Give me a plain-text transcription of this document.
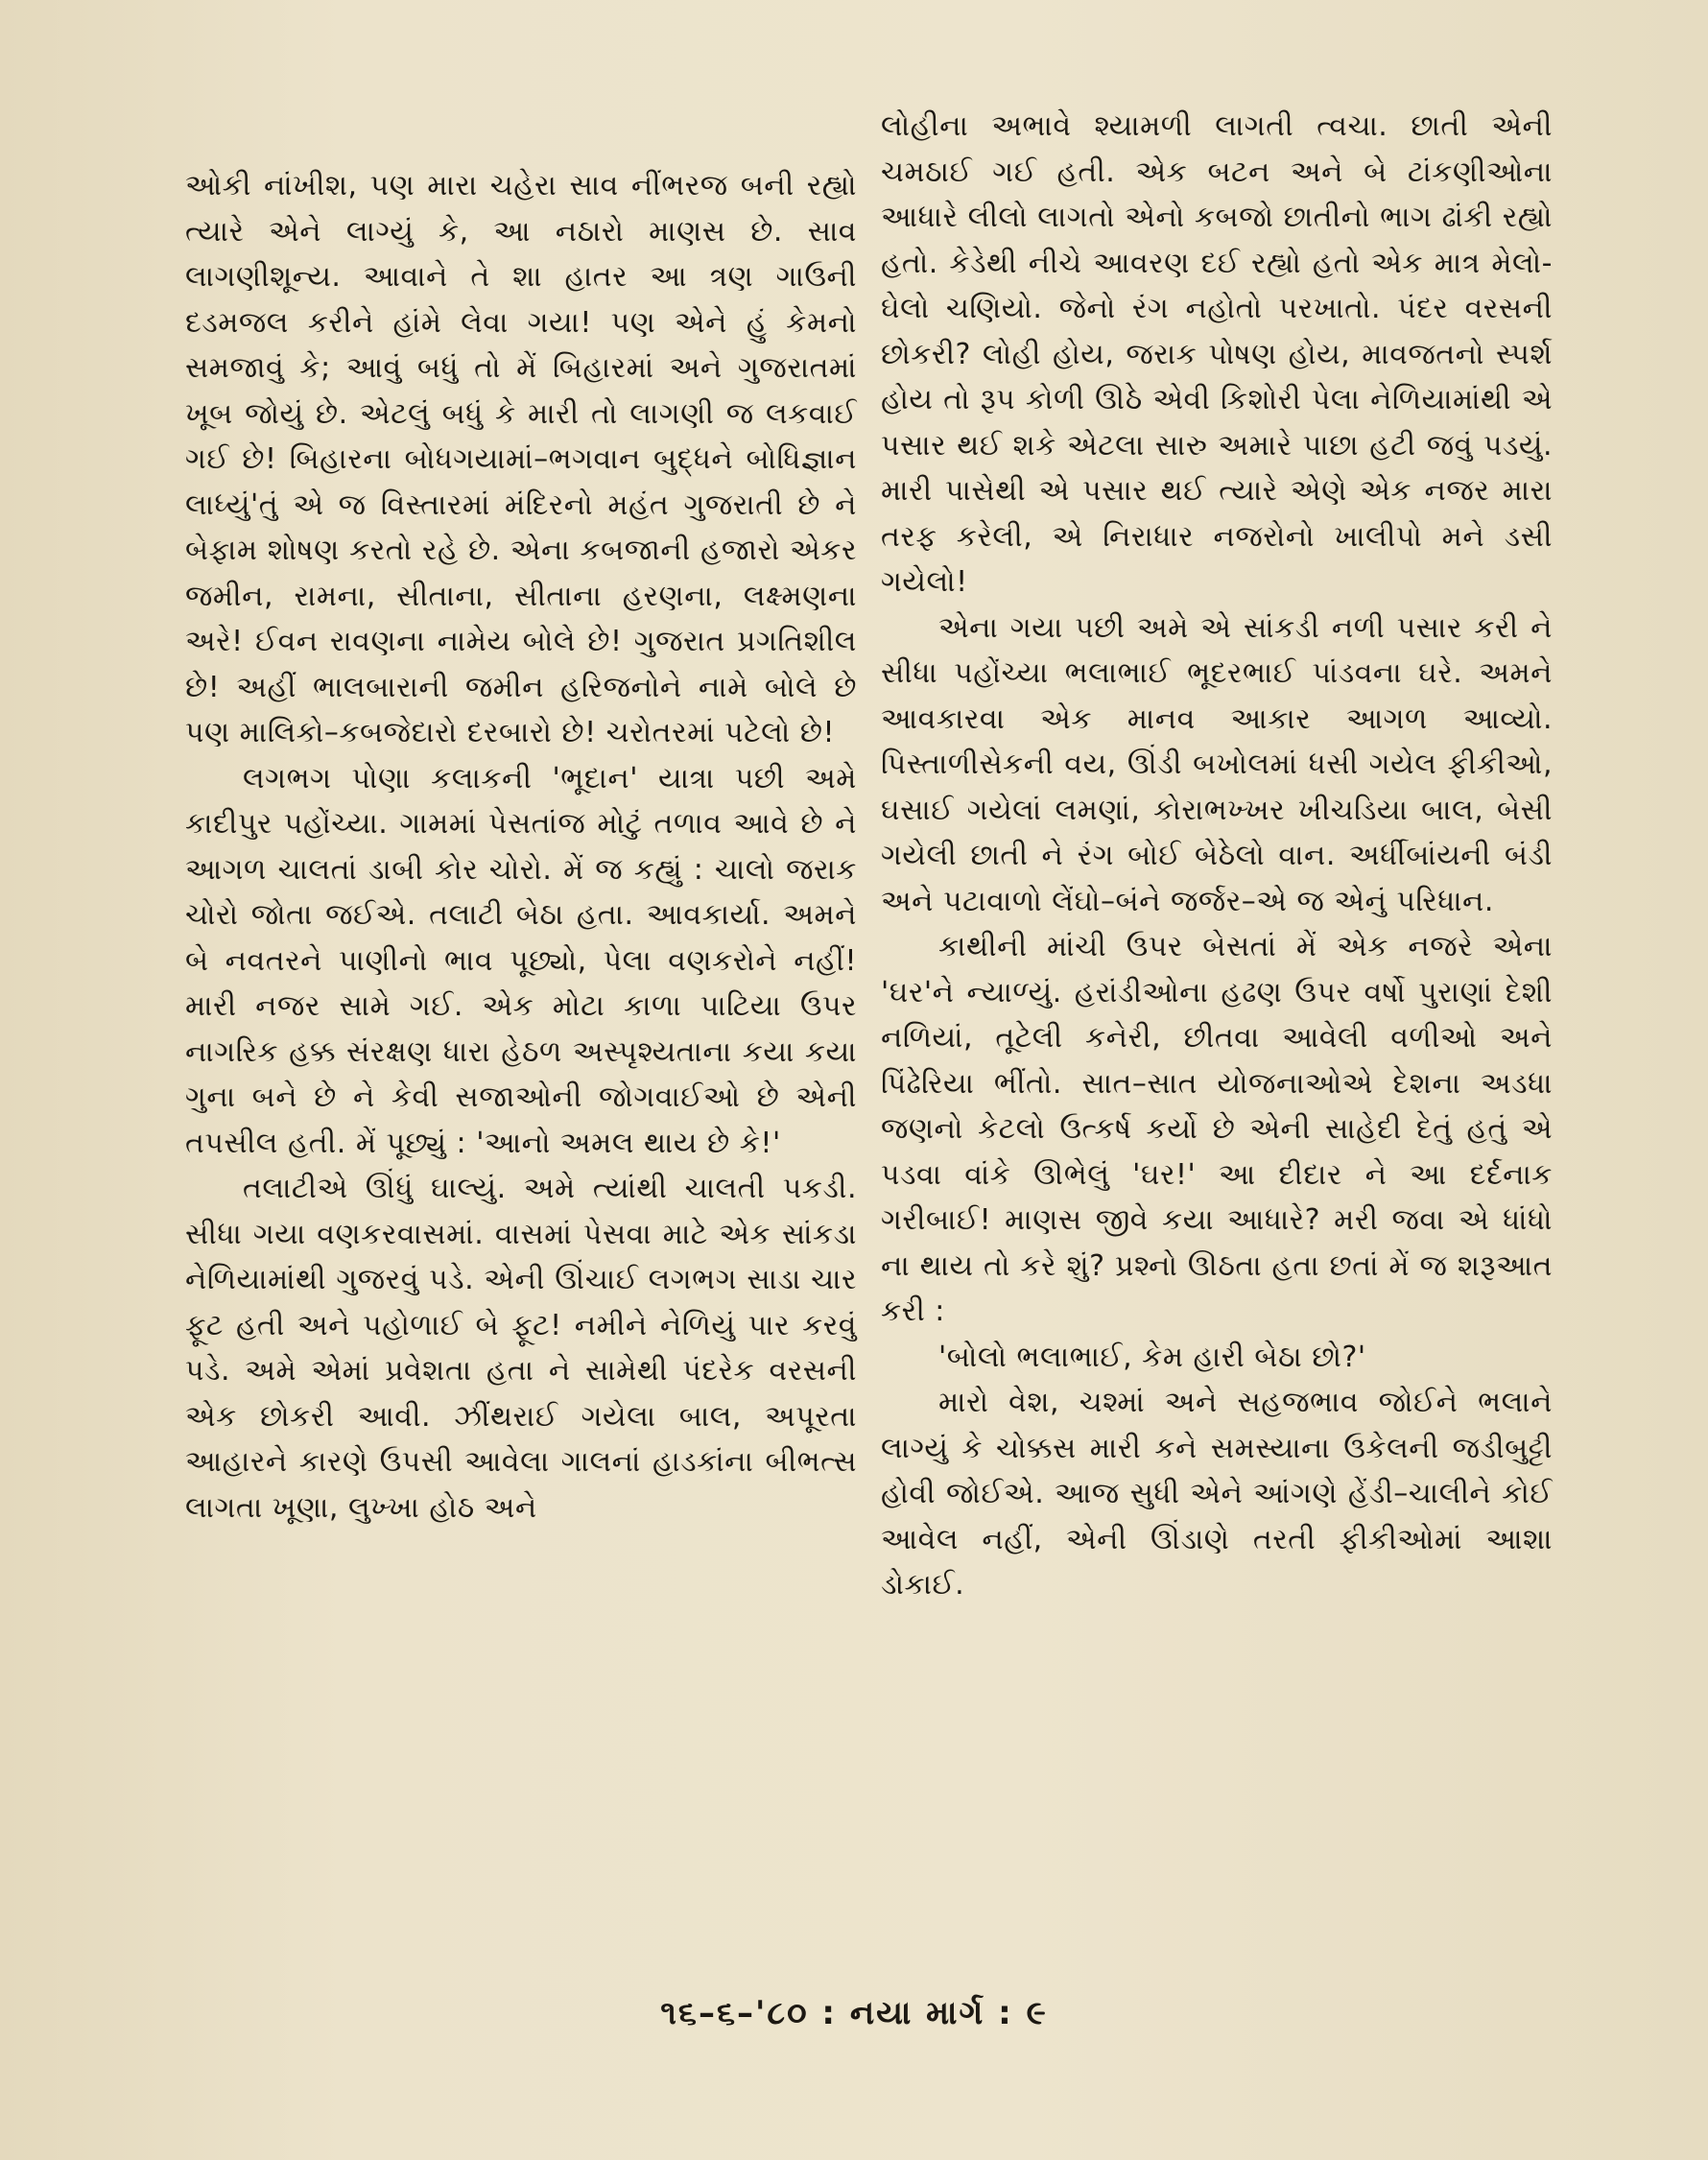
ઓકી નાંખીશ, પણ મારા ચહેરા સાવ નીંભરજ બની રહ્યો ત્યારે એને લાગ્યું કે, આ નઠારો માણસ છે. સાવ લાગણીશૂન્ય. આવાને તે શા હાતર આ ત્રણ ગાઉની દડમજલ કરીને હાંમે લેવા ગયા! પણ એને હું કેમનો સમજાવું કે; આવું બધું તો મેં બિહારમાં અને ગુજરાતમાં ખૂબ જોયું છે. એટલું બધું કે મારી તો લાગણી જ લકવાઈ ગઈ છે! બિહારના બોધગયામાં–ભગવાન બુદ્ધને બોધિજ્ઞાન લાધ્યું'તું એ જ વિસ્તારમાં મંદિરનો મહંત ગુજરાતી છે ને બેફામ શોષણ કરતો રહે છે. એના કબજાની હજારો એકર જમીન, રામના, સીતાના, સીતાના હરણના, લક્ષ્મણના અરે! ઈવન રાવણના નામેય બોલે છે! ગુજરાત પ્રગતિશીલ છે! અહીં ભાલબારાની જમીન હરિજનોને નામે બોલે છે પણ માલિકો–કબજેદારો દરબારો છે! ચરોતરમાં પટેલો છે!

લગભગ પોણા કલાકની 'ભૂદાન' યાત્રા પછી અમે કાદીપુર પહોંચ્યા. ગામમાં પેસતાંજ મોટું તળાવ આવે છે ને આગળ ચાલતાં ડાબી કોર ચોરો. મેં જ કહ્યું : ચાલો જરાક ચોરો જોતા જઈએ. તલાટી બેઠા હતા. આવકાર્યા. અમને બે નવતરને પાણીનો ભાવ પૂછ્યો, પેલા વણકરોને નહીં! મારી નજર સામે ગઈ. એક મોટા કાળા પાટિયા ઉપર નાગરિક હક્ક સંરક્ષણ ધારા હેઠળ અસ્પૃશ્યતાના કયા કયા ગુના બને છે ને કેવી સજાઓની જોગવાઈઓ છે એની તપસીલ હતી. મેં પૂછ્યું : 'આનો અમલ થાય છે કે!'

તલાટીએ ઊંધું ઘાલ્યું. અમે ત્યાંથી ચાલતી પકડી. સીધા ગયા વણકરવાસમાં. વાસમાં પેસવા માટે એક સાંકડા નેળિયામાંથી ગુજરવું પડે. એની ઊંચાઈ લગભગ સાડા ચાર ફૂટ હતી અને પહોળાઈ બે ફૂટ! નમીને નેળિયું પાર કરવું પડે. અમે એમાં પ્રવેશતા હતા ને સામેથી પંદરેક વરસની એક છોકરી આવી. ઝીંથરાઈ ગયેલા બાલ, અપૂરતા આહારને કારણે ઉપસી આવેલા ગાલનાં હાડકાંના બીભત્સ લાગતા ખૂણા, લુખ્ખા હોઠ અને

લોહીના અભાવે શ્યામળી લાગતી ત્વચા. છાતી એની ચમઠાઈ ગઈ હતી. એક બટન અને બે ટાંકણીઓના આધારે લીલો લાગતો એનો કબજો છાતીનો ભાગ ઢાંકી રહ્યો હતો. કેડેથી નીચે આવરણ દઈ રહ્યો હતો એક માત્ર મેલો-ઘેલો ચણિયો. જેનો રંગ નહોતો પરખાતો. પંદર વરસની છોકરી? લોહી હોય, જરાક પોષણ હોય, માવજતનો સ્પર્શ હોય તો રૂપ કોળી ઊઠે એવી કિશોરી પેલા નેળિયામાંથી એ પસાર થઈ શકે એટલા સારુ અમારે પાછા હટી જવું પડયું. મારી પાસેથી એ પસાર થઈ ત્યારે એણે એક નજર મારા તરફ કરેલી, એ નિરાધાર નજરોનો ખાલીપો મને ડસી ગયેલો!

એના ગયા પછી અમે એ સાંકડી નળી પસાર કરી ને સીધા પહોંચ્યા ભલાભાઈ ભૂદરભાઈ પાંડવના ઘરે. અમને આવકારવા એક માનવ આકાર આગળ આવ્યો. પિસ્તાળીસેકની વય, ઊંડી બખોલમાં ધસી ગયેલ ફીકીઓ, ઘસાઈ ગયેલાં લમણાં, કોરાભખ્ખર ખીચડિયા બાલ, બેસી ગયેલી છાતી ને રંગ બોઈ બેઠેલો વાન. અર્ધીબાંયની બંડી અને પટાવાળો લેંઘો–બંને જર્જર–એ જ એનું પરિધાન.

કાથીની માંચી ઉપર બેસતાં મેં એક નજરે એના 'ઘર'ને ન્યાળ્યું. હરાંડીઓના હઢણ ઉપર વર્ષો પુરાણાં દેશી નળિયાં, તૂટેલી કનેરી, છીતવા આવેલી વળીઓ અને પિંઢેરિયા ભીંતો. સાત–સાત યોજનાઓએ દેશના અડધા જણનો કેટલો ઉત્કર્ષ કર્યો છે એની સાહેદી દેતું હતું એ પડવા વાંકે ઊભેલું 'ઘર!' આ દીદાર ને આ દર્દનાક ગરીબાઈ! માણસ જીવે કયા આધારે? મરી જવા એ ધાંધો ના થાય તો કરે શું? પ્રશ્નો ઊઠતા હતા છતાં મેં જ શરૂઆત કરી :

'બોલો ભલાભાઈ, કેમ હારી બેઠા છો?'

મારો વેશ, ચશ્માં અને સહજભાવ જોઈને ભલાને લાગ્યું કે ચોક્કસ મારી કને સમસ્યાના ઉકેલની જડીબુટ્ટી હોવી જોઈએ. આજ સુધી એને આંગણે હેંડી–ચાલીને કોઈ આવેલ નહીં, એની ઊંડાણે તરતી ફીકીઓમાં આશા ડોકાઈ.

૧૬–૬–'૮૦ : નયા માર્ગ : ૯
